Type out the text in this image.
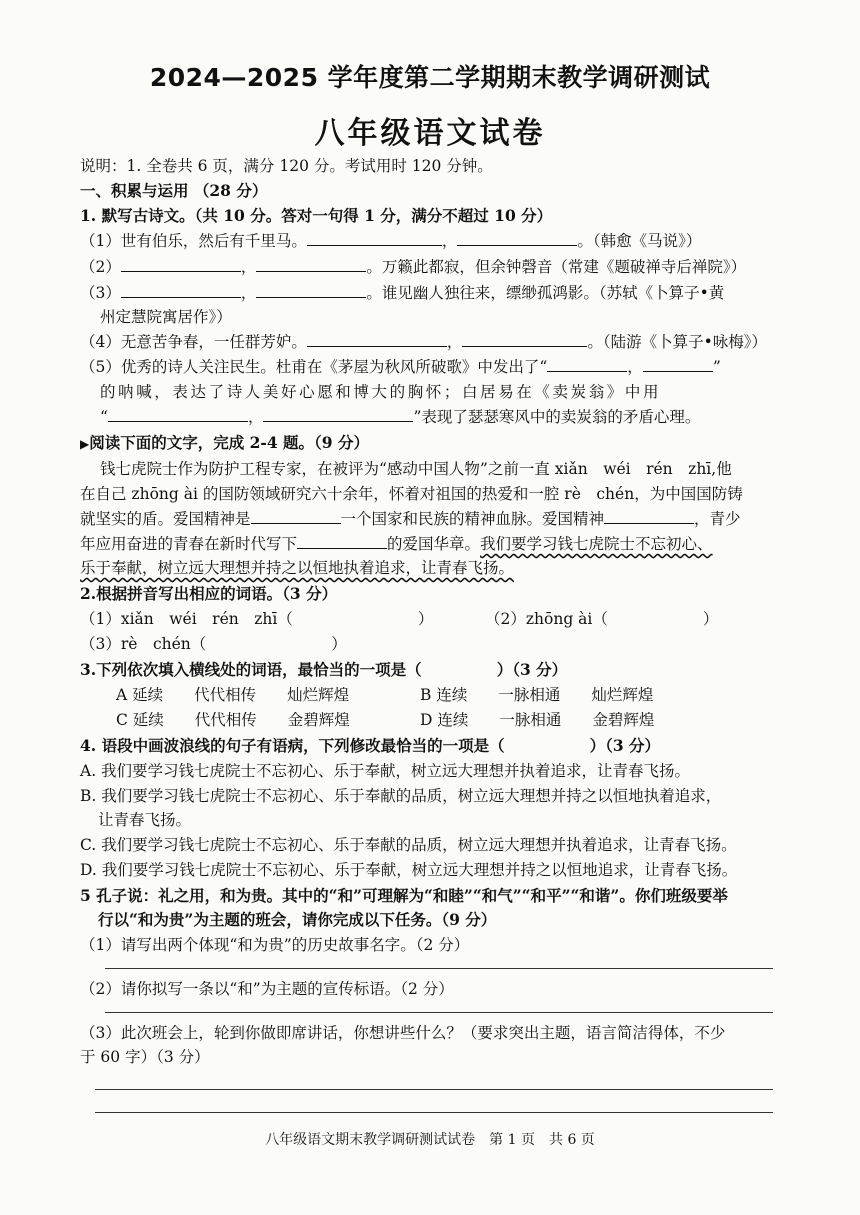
2024—2025 学年度第二学期期末教学调研测试
八年级语文试卷
说明：1. 全卷共 6 页，满分 120 分。考试用时 120 分钟。
一、积累与运用 （28 分）
1. 默写古诗文。（共 10 分。答对一句得 1 分，满分不超过 10 分）
（1）世有伯乐，然后有千里马。	，	。（韩愈《马说》）
（2）	，	。万籁此都寂，但余钟磬音（常建《题破禅寺后禅院》）
（3）	，	。谁见幽人独往来，缥缈孤鸿影。（苏轼《卜算子•黄
州定慧院寓居作》）
（4）无意苦争春，一任群芳妒。	，	。（陆游《卜算子•咏梅》）
（5）优秀的诗人关注民生。杜甫在《茅屋为秋风所破歌》中发出了“	，	”
的呐喊，表达了诗人美好心愿和博大的胸怀；白居易在《卖炭翁》中用
“	，	”表现了瑟瑟寒风中的卖炭翁的矛盾心理。
▶阅读下面的文字，完成 2-4 题。（9 分）
钱七虎院士作为防护工程专家，在被评为“感动中国人物”之前一直 xiǎn　wéi　rén　zhī,他
在自己 zhōng ài 的国防领域研究六十余年，怀着对祖国的热爱和一腔 rè　chén，为中国国防铸
就坚实的盾。爱国精神是	一个国家和民族的精神血脉。爱国精神	，青少
年应用奋进的青春在新时代写下	的爱国华章。我们要学习钱七虎院士不忘初心、
乐于奉献，树立远大理想并持之以恒地执着追求，让青春飞扬。
2.根据拼音写出相应的词语。（3 分）
（1）xiǎn　wéi　rén　zhī（	）	（2）zhōng ài（	）
（3）rè　chén（	）
3.下列依次填入横线处的词语，最恰当的一项是（	）（3 分）
A 延续　　代代相传　　灿烂辉煌	B 连续　　一脉相通　　灿烂辉煌
C 延续　　代代相传　　金碧辉煌	D 连续　　一脉相通　　金碧辉煌
4. 语段中画波浪线的句子有语病，下列修改最恰当的一项是（	）（3 分）
A. 我们要学习钱七虎院士不忘初心、乐于奉献，树立远大理想并执着追求，让青春飞扬。
B. 我们要学习钱七虎院士不忘初心、乐于奉献的品质，树立远大理想并持之以恒地执着追求，
让青春飞扬。
C. 我们要学习钱七虎院士不忘初心、乐于奉献的品质，树立远大理想并执着追求，让青春飞扬。
D. 我们要学习钱七虎院士不忘初心、乐于奉献，树立远大理想并持之以恒地追求，让青春飞扬。
5 孔子说：礼之用，和为贵。其中的“和”可理解为“和睦”“和气”“和平”“和谐”。你们班级要举
行以“和为贵”为主题的班会，请你完成以下任务。（9 分）
（1）请写出两个体现“和为贵”的历史故事名字。（2 分）
（2）请你拟写一条以“和”为主题的宣传标语。（2 分）
（3）此次班会上，轮到你做即席讲话，你想讲些什么？（要求突出主题，语言简洁得体，不少
于 60 字）（3 分）
八年级语文期末教学调研测试试卷　第 1 页　共 6 页
